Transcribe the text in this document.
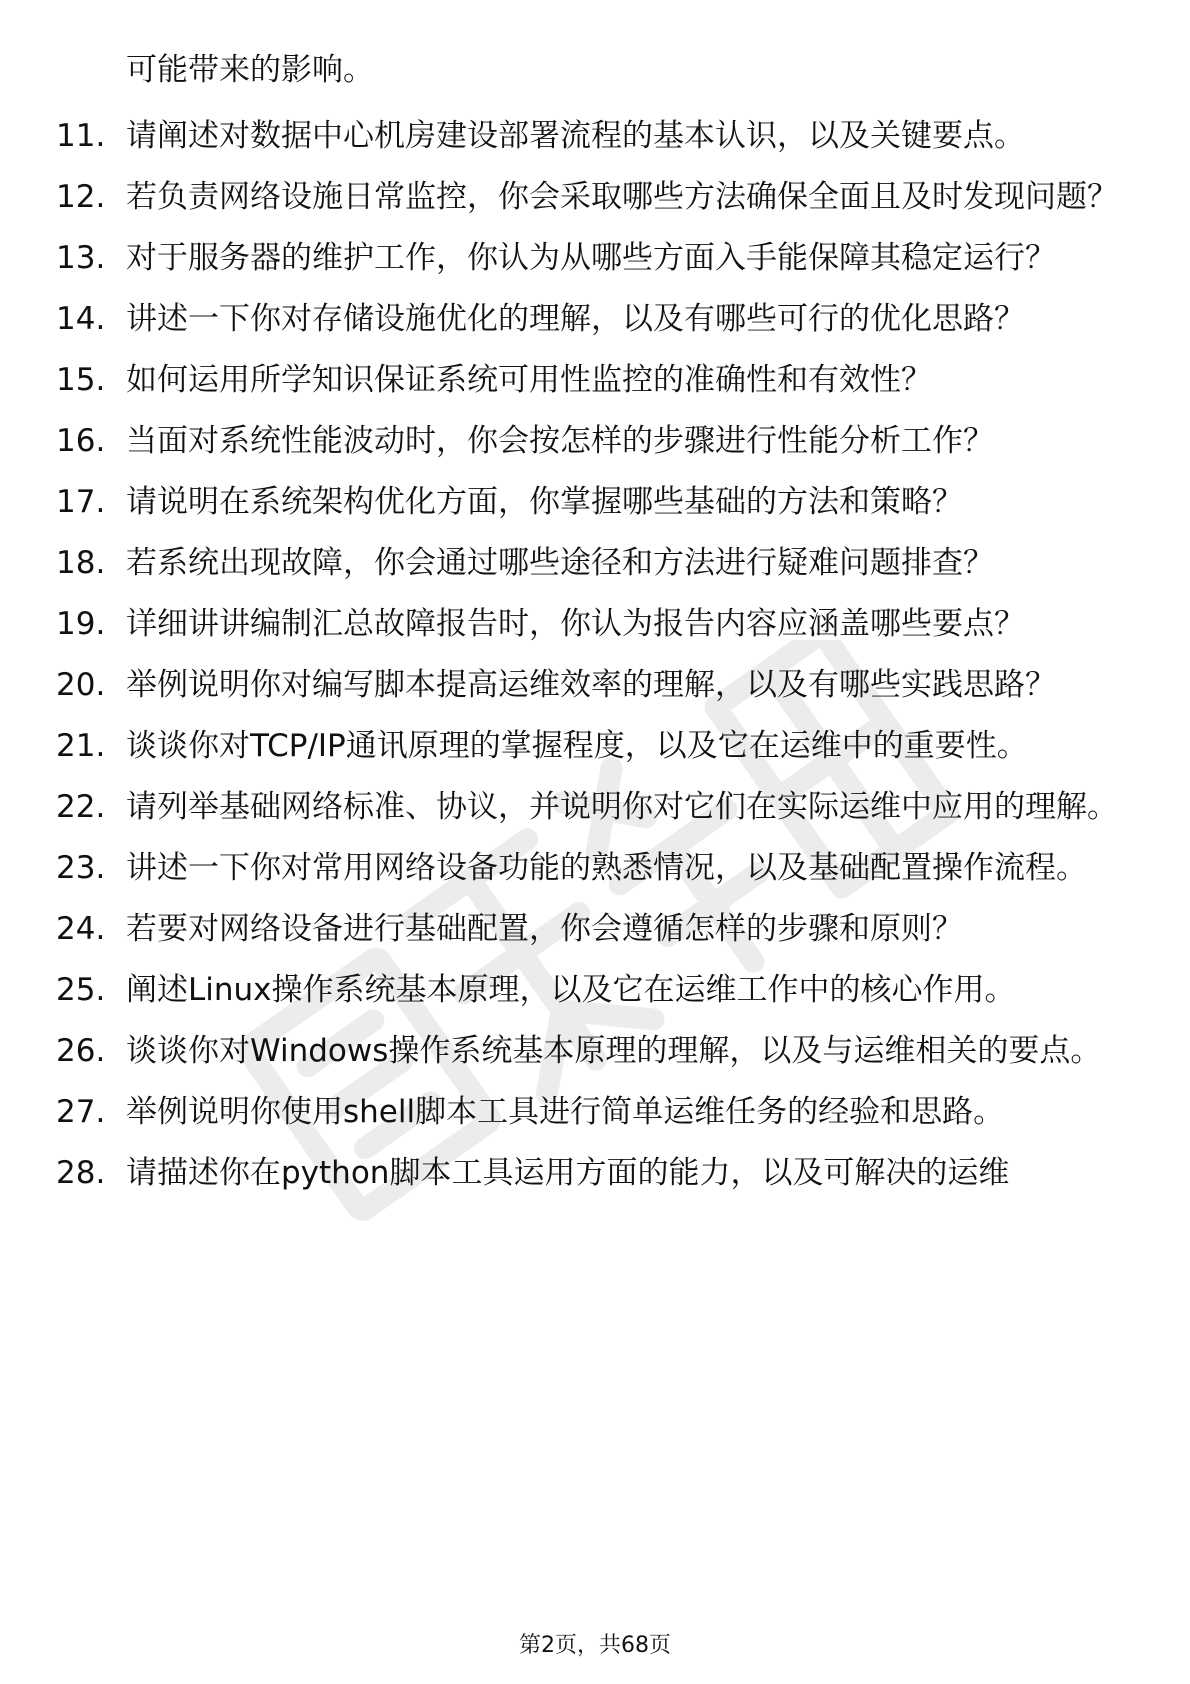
可能带来的影响。
11. 请阐述对数据中心机房建设部署流程的基本认识，以及关键要点。
12. 若负责网络设施日常监控，你会采取哪些方法确保全面且及时发现问题？
13. 对于服务器的维护工作，你认为从哪些方面入手能保障其稳定运行？
14. 讲述一下你对存储设施优化的理解，以及有哪些可行的优化思路？
15. 如何运用所学知识保证系统可用性监控的准确性和有效性？
16. 当面对系统性能波动时，你会按怎样的步骤进行性能分析工作？
17. 请说明在系统架构优化方面，你掌握哪些基础的方法和策略？
18. 若系统出现故障，你会通过哪些途径和方法进行疑难问题排查？
19. 详细讲讲编制汇总故障报告时，你认为报告内容应涵盖哪些要点？
20. 举例说明你对编写脚本提高运维效率的理解，以及有哪些实践思路？
21. 谈谈你对TCP/IP通讯原理的掌握程度，以及它在运维中的重要性。
22. 请列举基础网络标准、协议，并说明你对它们在实际运维中应用的理解。
23. 讲述一下你对常用网络设备功能的熟悉情况，以及基础配置操作流程。
24. 若要对网络设备进行基础配置，你会遵循怎样的步骤和原则？
25. 阐述Linux操作系统基本原理，以及它在运维工作中的核心作用。
26. 谈谈你对Windows操作系统基本原理的理解，以及与运维相关的要点。
27. 举例说明你使用shell脚本工具进行简单运维任务的经验和思路。
28. 请描述你在python脚本工具运用方面的能力，以及可解决的运维
第2页，共68页
